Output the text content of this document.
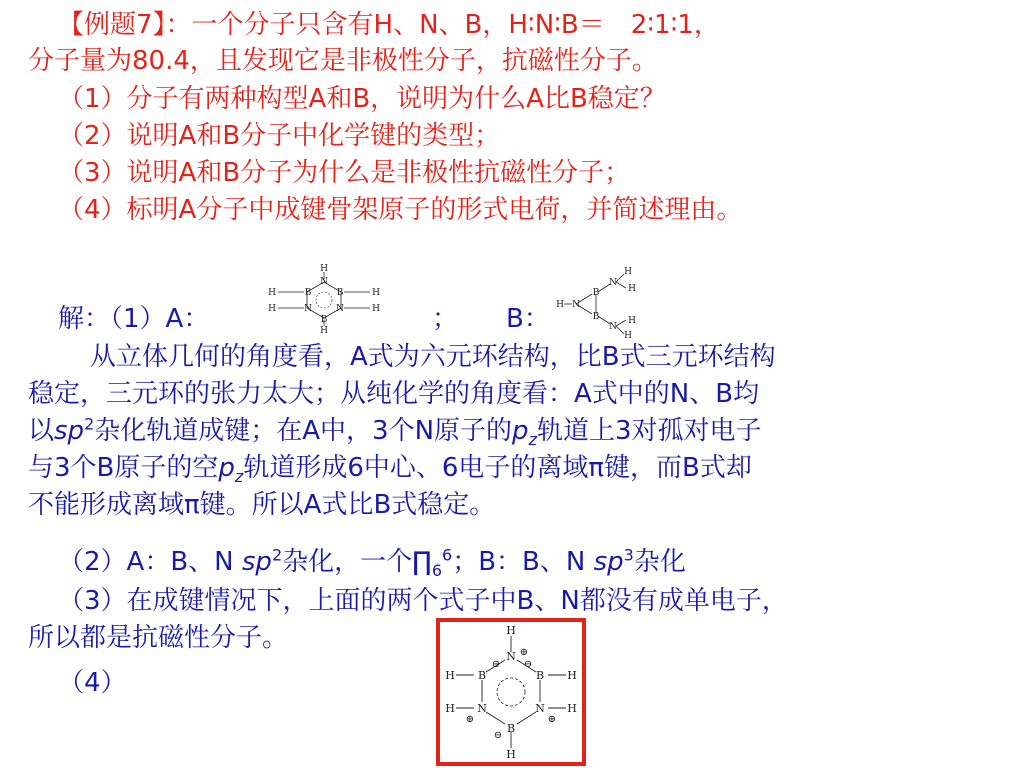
【例题7】：一个分子只含有H、N、B，H∶N∶B＝　2∶1∶1，
分子量为80.4，且发现它是非极性分子，抗磁性分子。
（1）分子有两种构型A和B，说明为什么A比B稳定？
（2）说明A和B分子中化学键的类型；
（3）说明A和B分子为什么是非极性抗磁性分子；
（4）标明A分子中成键骨架原子的形式电荷，并简述理由。
解：（1）A：	； B：
H
N
B	B
N	N
B
H
H
H
H
H	H N
B
B
N
N
H
H
H
H
从立体几何的角度看，A式为六元环结构，比B式三元环结构
稳定，三元环的张力太大；从纯化学的角度看：A式中的N、B均
以$sp^2$杂化轨道成键；在A中，3个N原子的$p_z$轨道上3对孤对电子
与3个B原子的空$p_z$轨道形成6中心、6电子的离域π键，而B式却
不能形成离域π键。所以A式比B式稳定。
（2）A：B、N $sp^2$杂化，一个$\prod_6^6$；B：B、N $sp^3$杂化
（3）在成键情况下，上面的两个式子中B、N都没有成单电子，
所以都是抗磁性分子。
（4）
H
N
B
N
B
N
B
H
H
H
H
H
⊕
⊖ ⊖
⊕	⊕
⊖
